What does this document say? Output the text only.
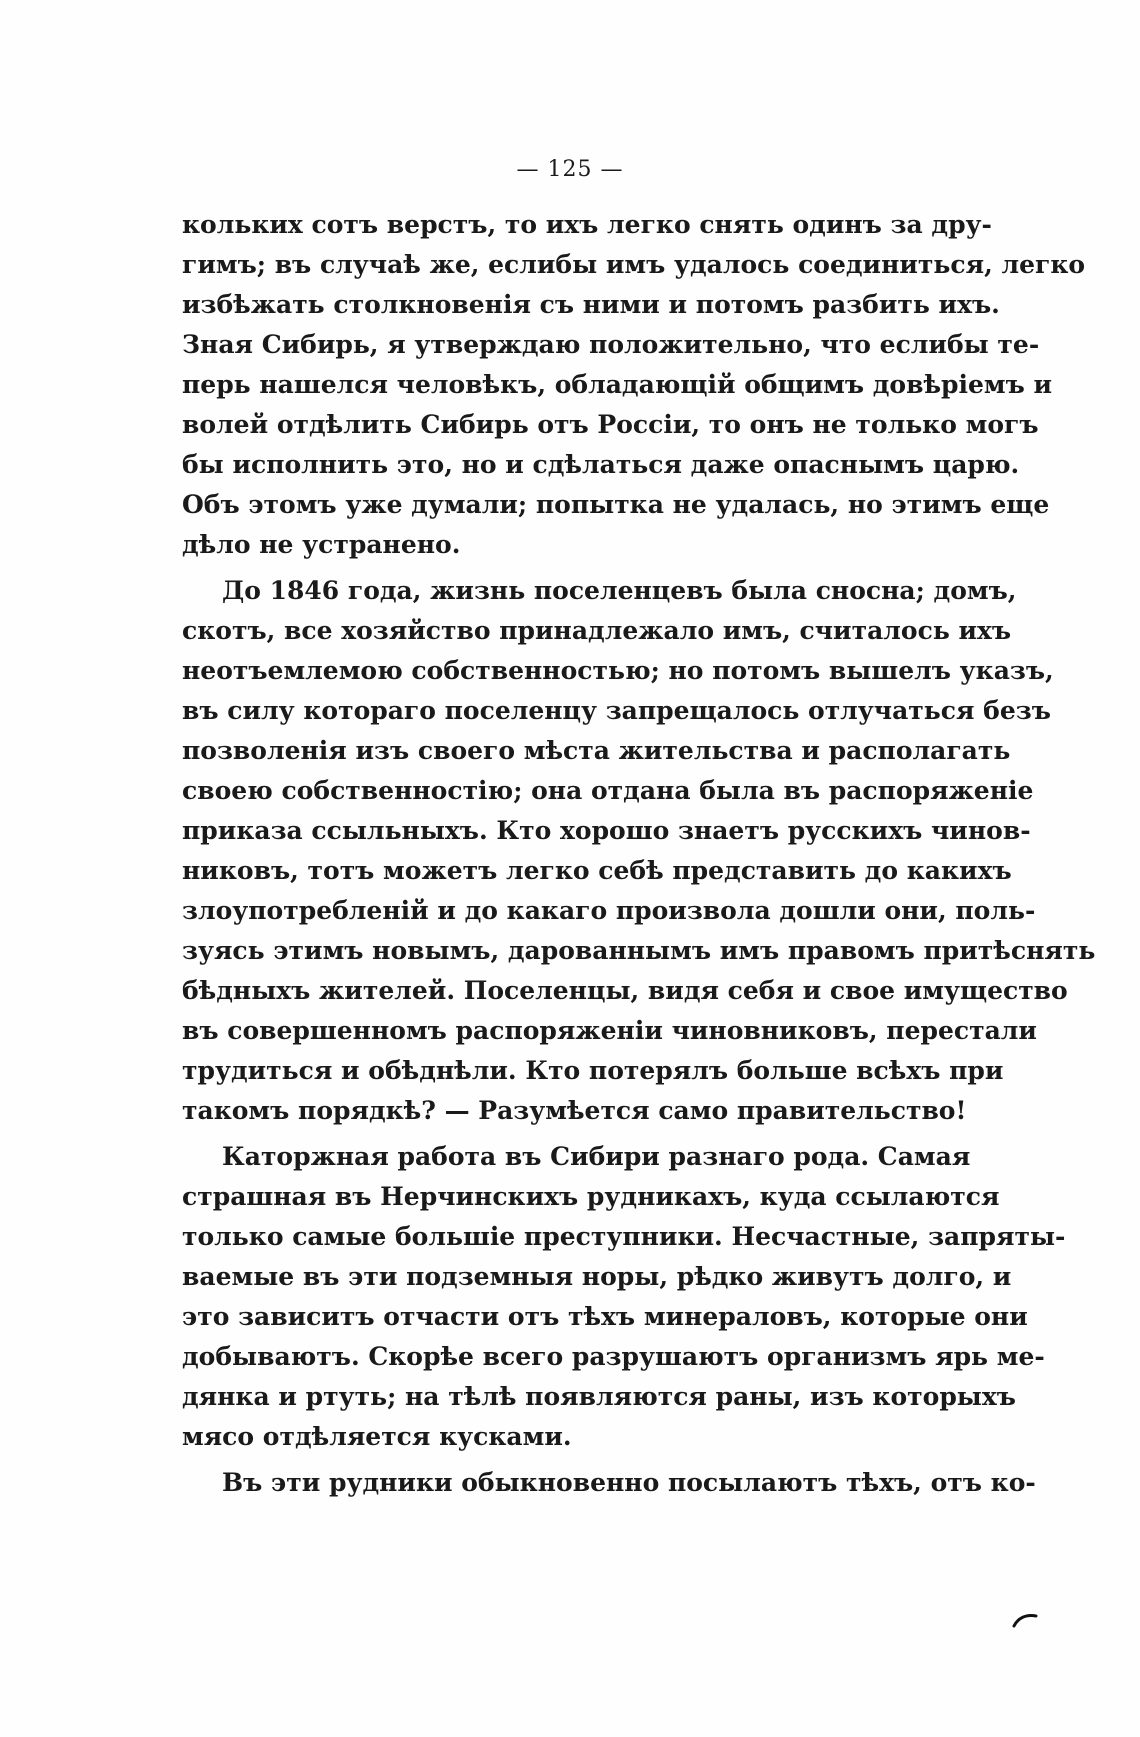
— 125 —
кольких сотъ верстъ, то ихъ легко снять одинъ за дру-
гимъ; въ случаѣ же, еслибы имъ удалось соединиться, легко
избѣжать столкновенія съ ними и потомъ разбить ихъ.
Зная Сибирь, я утверждаю положительно, что еслибы те-
перь нашелся человѣкъ, обладающій общимъ довѣріемъ и
волей отдѣлить Сибирь отъ Россіи, то онъ не только могъ
бы исполнить это, но и сдѣлаться даже опаснымъ царю.
Объ этомъ уже думали; попытка не удалась, но этимъ еще
дѣло не устранено.
До 1846 года, жизнь поселенцевъ была сносна; домъ,
скотъ, все хозяйство принадлежало имъ, считалось ихъ
неотъемлемою собственностью; но потомъ вышелъ указъ,
въ силу котораго поселенцу запрещалось отлучаться безъ
позволенія изъ своего мѣста жительства и располагать
своею собственностію; она отдана была въ распоряженіе
приказа ссыльныхъ. Кто хорошо знаетъ русскихъ чинов-
никовъ, тотъ можетъ легко себѣ представить до какихъ
злоупотребленій и до какаго произвола дошли они, поль-
зуясь этимъ новымъ, дарованнымъ имъ правомъ притѣснять
бѣдныхъ жителей. Поселенцы, видя себя и свое имущество
въ совершенномъ распоряженіи чиновниковъ, перестали
трудиться и обѣднѣли. Кто потерялъ больше всѣхъ при
такомъ порядкѣ? — Разумѣется само правительство!
Каторжная работа въ Сибири разнаго рода. Самая
страшная въ Нерчинскихъ рудникахъ, куда ссылаются
только самые большіе преступники. Несчастные, запряты-
ваемые въ эти подземныя норы, рѣдко живутъ долго, и
это зависитъ отчасти отъ тѣхъ минераловъ, которые они
добываютъ. Скорѣе всего разрушаютъ организмъ ярь ме-
дянка и ртуть; на тѣлѣ появляются раны, изъ которыхъ
мясо отдѣляется кусками.
Въ эти рудники обыкновенно посылаютъ тѣхъ, отъ ко-
